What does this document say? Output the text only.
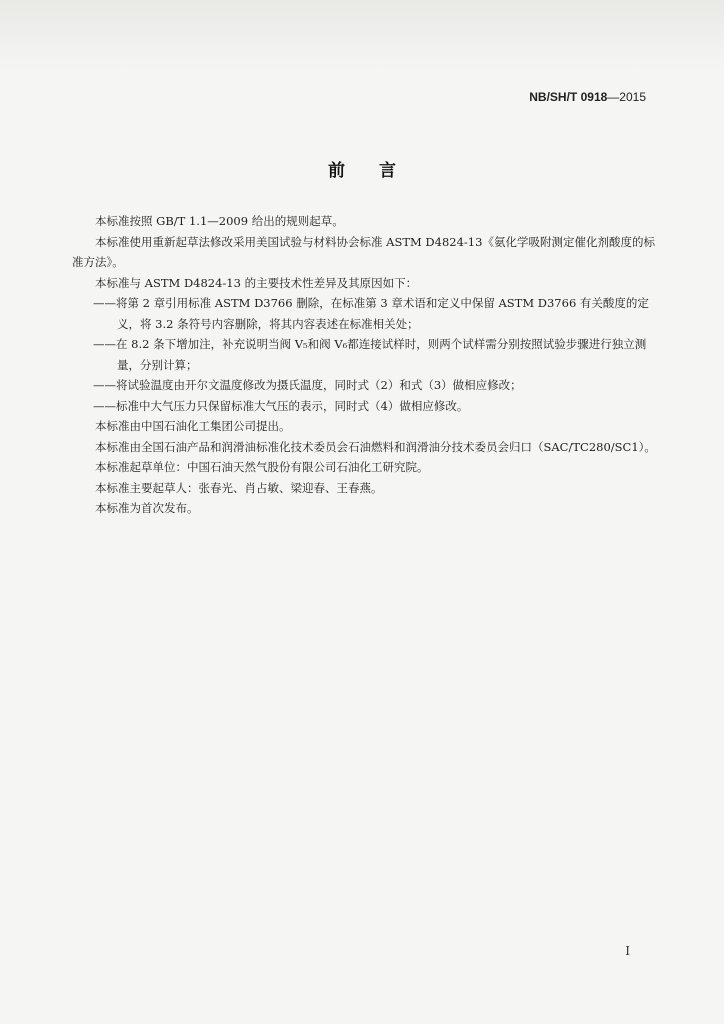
NB/SH/T 0918—2015
前言

本标准按照 GB/T 1.1—2009 给出的规则起草。

本标准使用重新起草法修改采用美国试验与材料协会标准 ASTM D4824-13《氨化学吸附测定催化剂酸度的标准方法》。

本标准与 ASTM D4824-13 的主要技术性差异及其原因如下：

——将第 2 章引用标准 ASTM D3766 删除，在标准第 3 章术语和定义中保留 ASTM D3766 有关酸度的定义，将 3.2 条符号内容删除，将其内容表述在标准相关处；

——在 8.2 条下增加注，补充说明当阀 V₅和阀 V₆都连接试样时，则两个试样需分别按照试验步骤进行独立测量，分别计算；

——将试验温度由开尔文温度修改为摄氏温度，同时式（2）和式（3）做相应修改；

——标准中大气压力只保留标准大气压的表示，同时式（4）做相应修改。

本标准由中国石油化工集团公司提出。

本标准由全国石油产品和润滑油标准化技术委员会石油燃料和润滑油分技术委员会归口（SAC/TC280/SC1）。

本标准起草单位：中国石油天然气股份有限公司石油化工研究院。

本标准主要起草人：张春光、肖占敏、梁迎春、王春燕。

本标准为首次发布。

I
